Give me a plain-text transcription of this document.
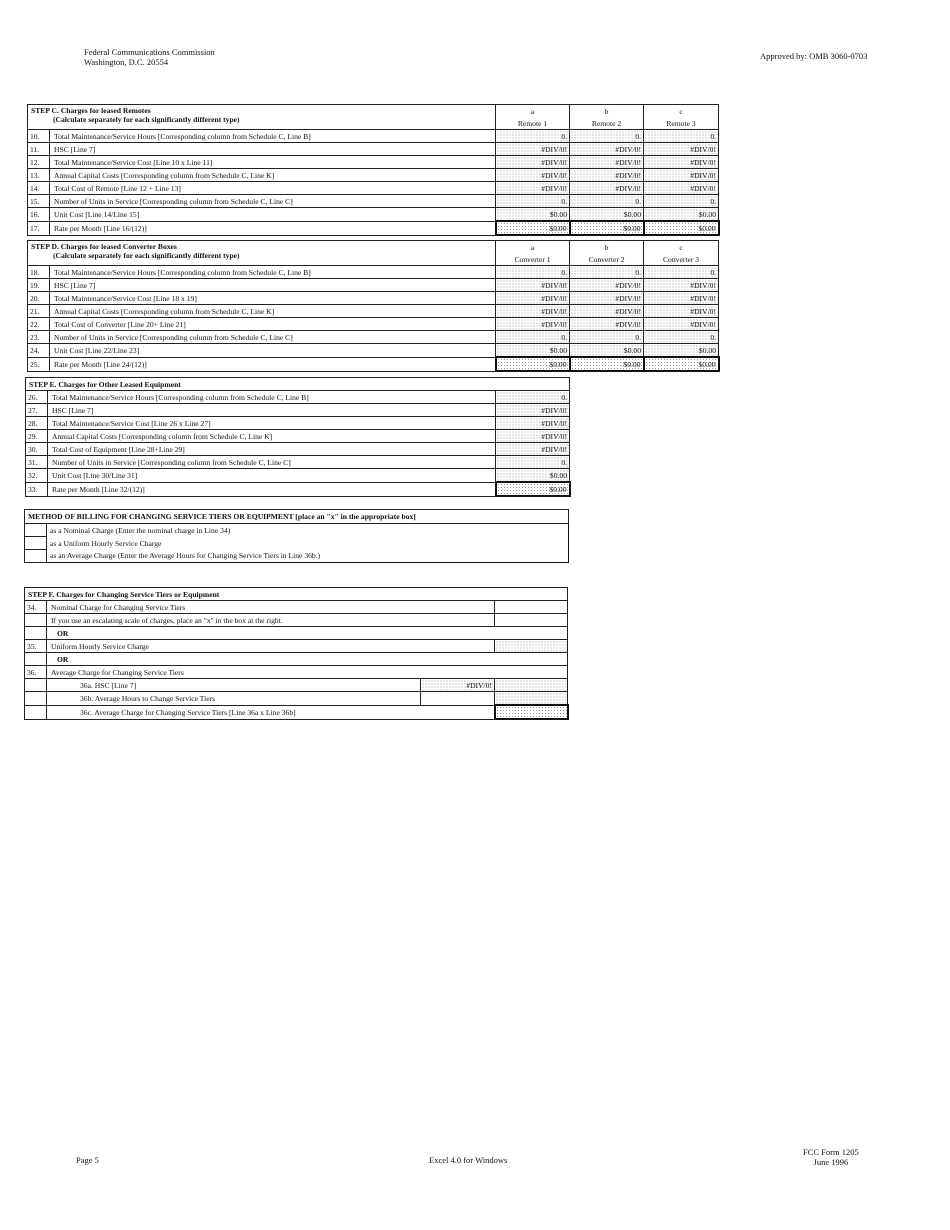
Federal Communications Commission
Washington, D.C. 20554
Approved by: OMB 3060-0703
STEP C. Charges for leased Remotes
(Calculate separately for each significantly different type)		a	b	c
		Remote 1	Remote 2	Remote 3
10.	Total Maintenance/Service Hours [Corresponding column from Schedule C, Line B]	0.	0.	0.
11.	HSC [Line 7]	#DIV/0!	#DIV/0!	#DIV/0!
12.	Total Maintenance/Service Cost [Line 10 x Line 11]	#DIV/0!	#DIV/0!	#DIV/0!
13.	Annual Capital Costs [Corresponding column from Schedule C, Line K]	#DIV/0!	#DIV/0!	#DIV/0!
14.	Total Cost of Remote [Line 12 + Line 13]	#DIV/0!	#DIV/0!	#DIV/0!
15.	Number of Units in Service [Corresponding column from Schedule C, Line C]	0.	0.	0.
16.	Unit Cost [Line 14/Line 15]	$0.00	$0.00	$0.00
17.	Rate per Month [Line 16/(12)]	$0.00	$0.00	$0.00
STEP D. Charges for leased Converter Boxes
(Calculate separately for each significantly different type)		a	b	c
		Converter 1	Converter 2	Converter 3
18.	Total Maintenance/Service Hours [Corresponding column from Schedule C, Line B]	0.	0.	0.
19.	HSC [Line 7]	#DIV/0!	#DIV/0!	#DIV/0!
20.	Total Maintenance/Service Cost [Line 18 x 19]	#DIV/0!	#DIV/0!	#DIV/0!
21.	Annual Capital Costs [Corresponding column from Schedule C, Line K]	#DIV/0!	#DIV/0!	#DIV/0!
22.	Total Cost of Converter [Line 20+ Line 21]	#DIV/0!	#DIV/0!	#DIV/0!
23.	Number of Units in Service [Corresponding column from Schedule C, Line C]	0.	0.	0.
24.	Unit Cost [Line 22/Line 23]	$0.00	$0.00	$0.00
25.	Rate per Month [Line 24/(12)]	$0.00	$0.00	$0.00
STEP E. Charges for Other Leased Equipment		
26.	Total Maintenance/Service Hours [Corresponding column from Schedule C, Line B]	0.
27.	HSC [Line 7]	#DIV/0!
28.	Total Maintenance/Service Cost [Line 26 x Line 27]	#DIV/0!
29.	Annual Capital Costs [Corresponding column from Schedule C, Line K]	#DIV/0!
30.	Total Cost of Equipment [Line 28+Line 29]	#DIV/0!
31.	Number of Units in Service [Corresponding column from Schedule C, Line C]	0.
32.	Unit Cost [Line 30/Line 31]	$0.00
33.	Rate per Month [Line 32/(12)]	$0.00
METHOD OF BILLING FOR CHANGING SERVICE TIERS OR EQUIPMENT [place an "x" in the appropriate box]	
	as a Nominal Charge (Enter the nominal charge in Line 34)
	as a Uniform Hourly Service Charge
	as an Average Charge (Enter the Average Hours for Changing Service Tiers in Line 36b.)
STEP F. Charges for Changing Service Tiers or Equipment			
34.	Nominal Charge for Changing Service Tiers		
	If you use an escalating scale of charges, place an "x" in the box at the right.		
	OR		
35.	Uniform Hourly Service Charge		
	OR		
36.	Average Charge for Changing Service Tiers		
	36a. HSC [Line 7]	#DIV/0!	
	36b. Average Hours to Change Service Tiers		
	36c. Average Charge for Changing Service Tiers [Line 36a x Line 36b]		
Page 5	Excel 4.0 for Windows
FCC Form 1205
June 1996
